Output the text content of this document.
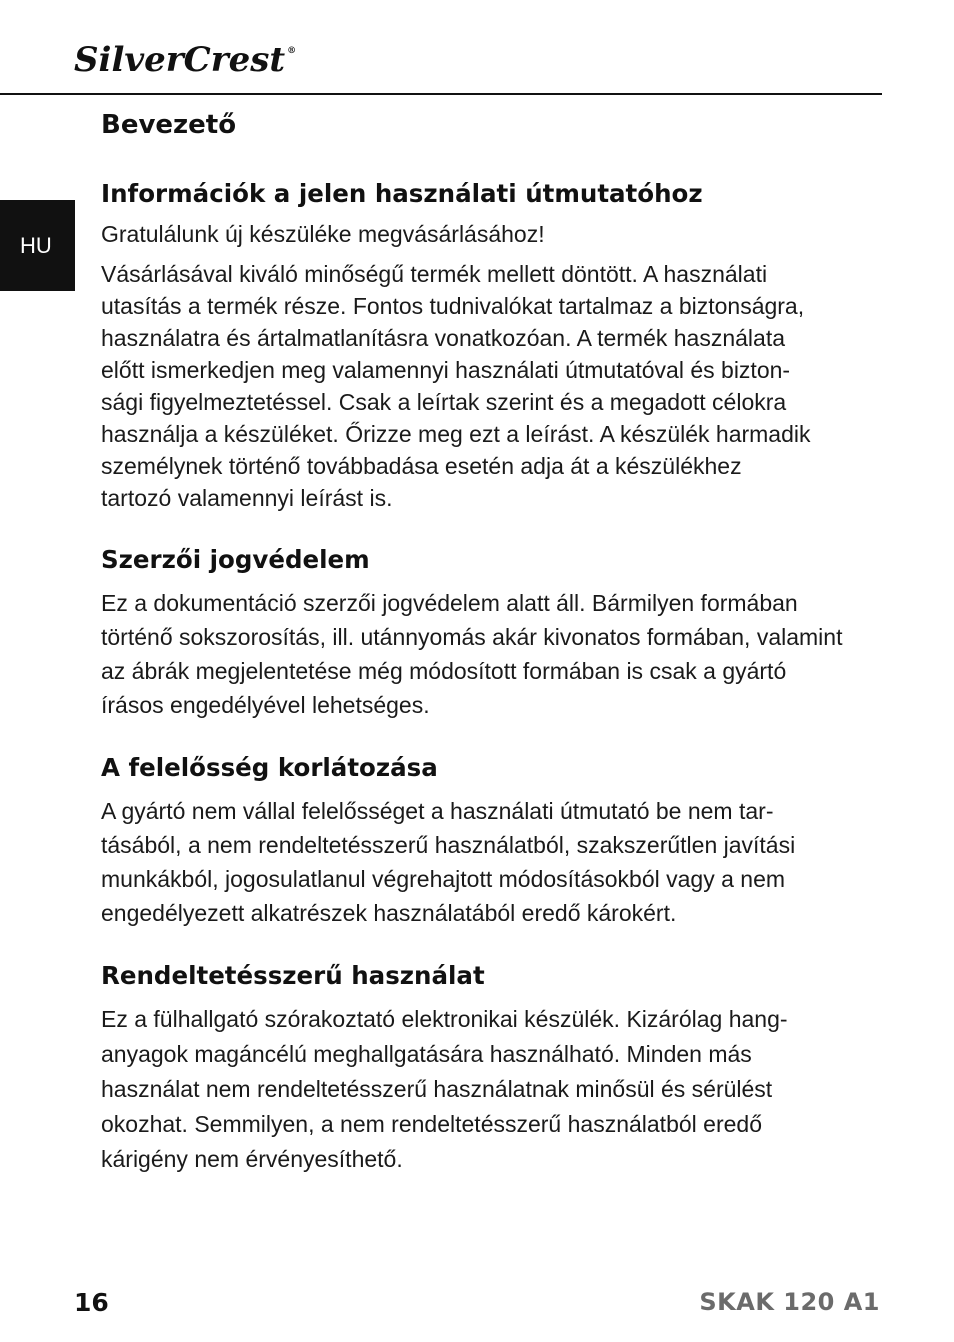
SilverCrest ®
HU
Bevezető
Információk a jelen használati útmutatóhoz

Gratulálunk új készüléke megvásárlásához!

Vásárlásával kiváló minőségű termék mellett döntött. A használati
utasítás a termék része. Fontos tudnivalókat tartalmaz a biztonságra,
használatra és ártalmatlanításra vonatkozóan. A termék használata
előtt ismerkedjen meg valamennyi használati útmutatóval és bizton-
sági figyelmeztetéssel. Csak a leírtak szerint és a megadott célokra
használja a készüléket. Őrizze meg ezt a leírást. A készülék harmadik
személynek történő továbbadása esetén adja át a készülékhez
tartozó valamennyi leírást is.

Szerzői jogvédelem

Ez a dokumentáció szerzői jogvédelem alatt áll. Bármilyen formában
történő sokszorosítás, ill. utánnyomás akár kivonatos formában, valamint
az ábrák megjelentetése még módosított formában is csak a gyártó
írásos engedélyével lehetséges.

A felelősség korlátozása

A gyártó nem vállal felelősséget a használati útmutató be nem tar-
tásából, a nem rendeltetésszerű használatból, szakszerűtlen javítási
munkákból, jogosulatlanul végrehajtott módosításokból vagy a nem
engedélyezett alkatrészek használatából eredő károkért.

Rendeltetésszerű használat

Ez a fülhallgató szórakoztató elektronikai készülék. Kizárólag hang-
anyagok magáncélú meghallgatására használható. Minden más
használat nem rendeltetésszerű használatnak minősül és sérülést
okozhat. Semmilyen, a nem rendeltetésszerű használatból eredő
kárigény nem érvényesíthető.

16	SKAK 120 A1
